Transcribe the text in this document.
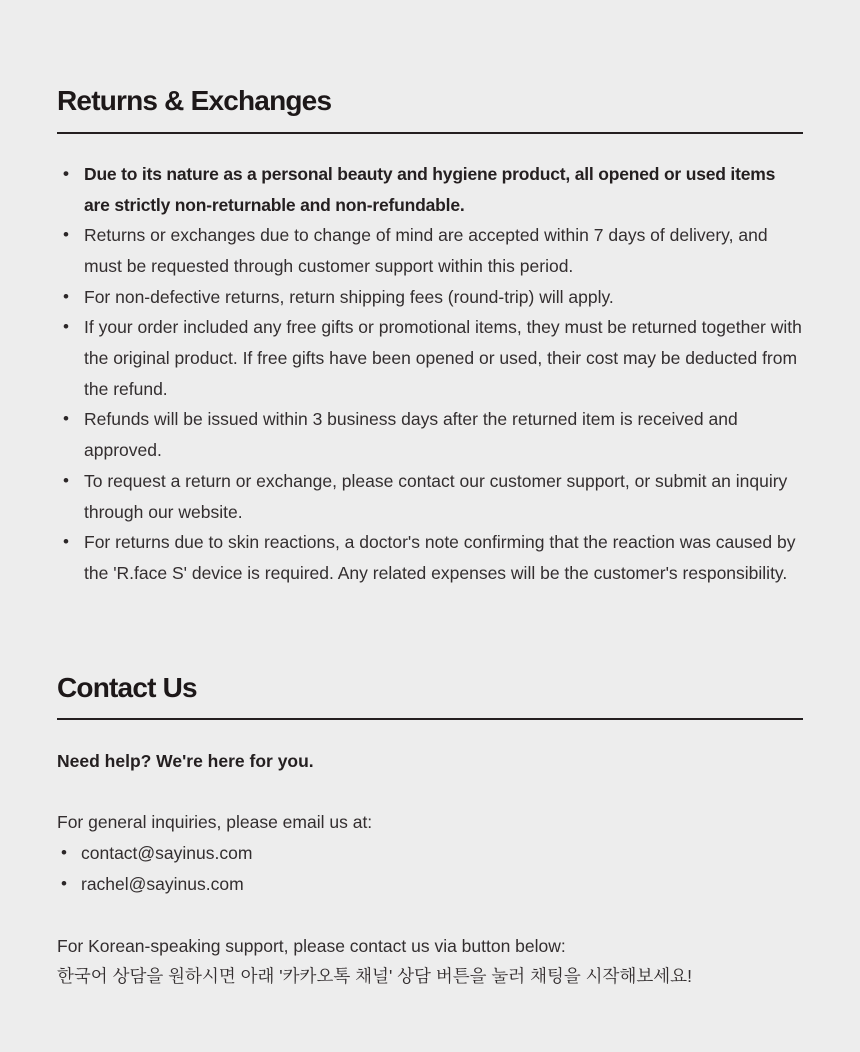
Returns & Exchanges
• Due to its nature as a personal beauty and hygiene product, all opened or used items are strictly non-returnable and non-refundable.
• Returns or exchanges due to change of mind are accepted within 7 days of delivery, and must be requested through customer support within this period.
• For non-defective returns, return shipping fees (round-trip) will apply.
• If your order included any free gifts or promotional items, they must be returned together with the original product. If free gifts have been opened or used, their cost may be deducted from the refund.
• Refunds will be issued within 3 business days after the returned item is received and approved.
• To request a return or exchange, please contact our customer support, or submit an inquiry through our website.
• For returns due to skin reactions, a doctor's note confirming that the reaction was caused by the 'R.face S' device is required. Any related expenses will be the customer's responsibility.
Contact Us

Need help? We're here for you.

For general inquiries, please email us at:

• contact@sayinus.com
• rachel@sayinus.com

For Korean-speaking support, please contact us via button below:

한국어 상담을 원하시면 아래 '카카오톡 채널' 상담 버튼을 눌러 채팅을 시작해보세요!
